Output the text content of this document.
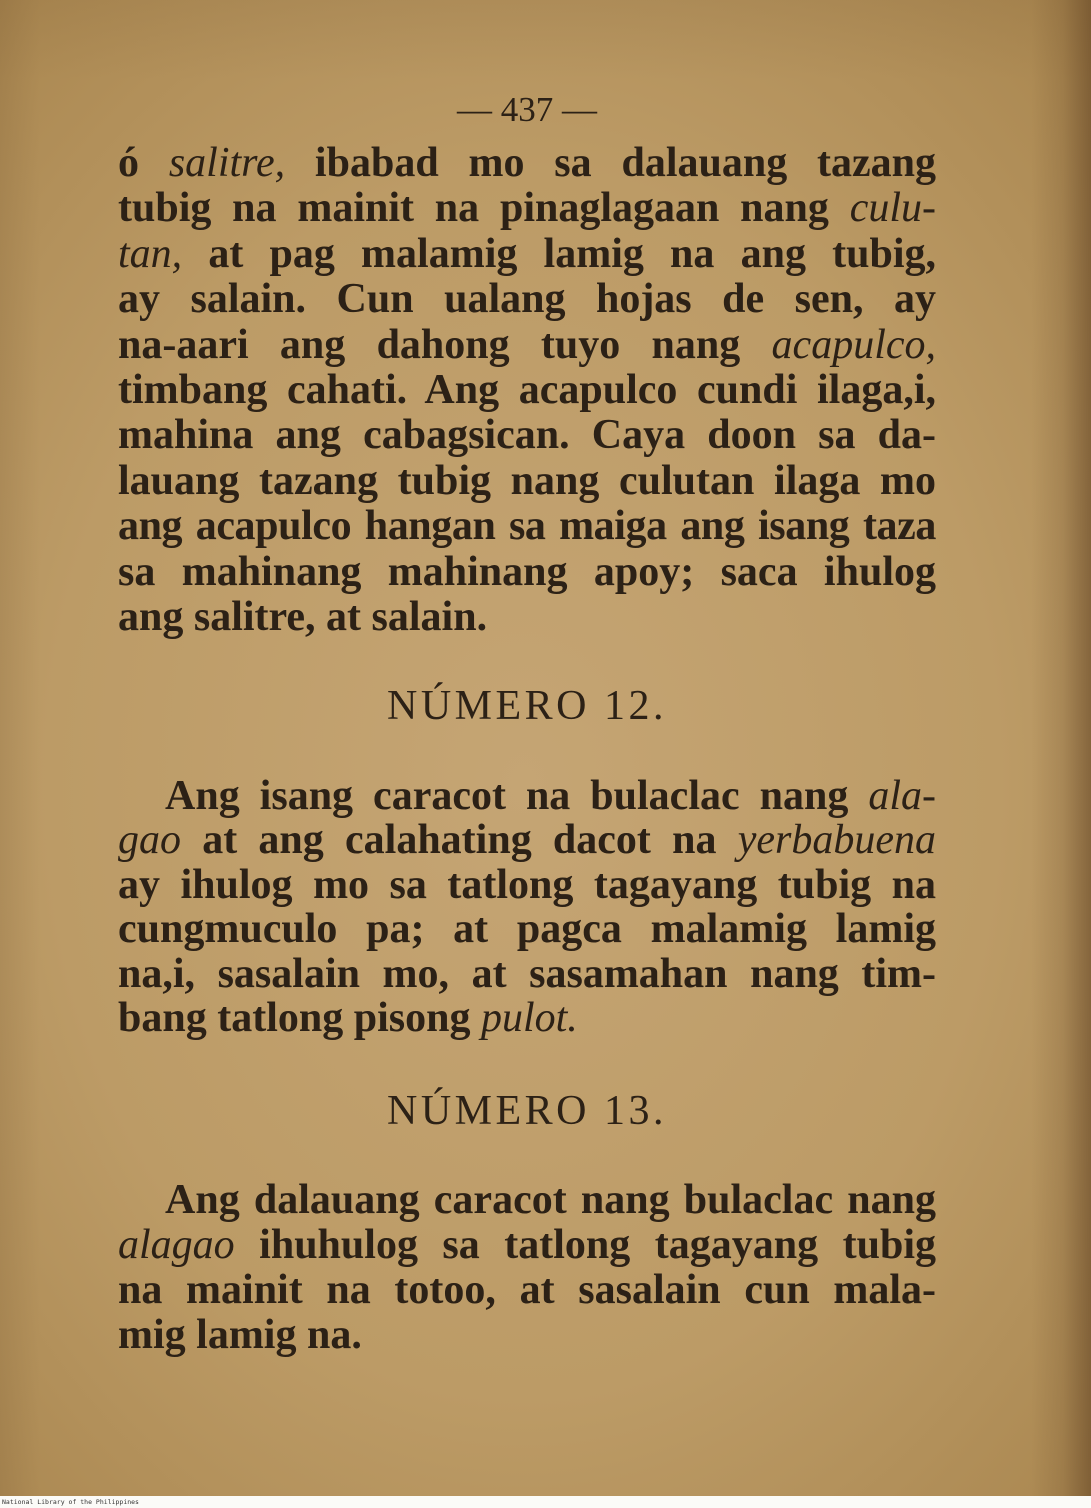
— 437 —
ó salitre, ibabad mo sa dalauang tazang
tubig na mainit na pinaglagaan nang culu-
tan, at pag malamig lamig na ang tubig,
ay salain. Cun ualang hojas de sen, ay
na-aari ang dahong tuyo nang acapulco,
timbang cahati. Ang acapulco cundi ilaga,i,
mahina ang cabagsican. Caya doon sa da-
lauang tazang tubig nang culutan ilaga mo
ang acapulco hangan sa maiga ang isang taza
sa mahinang mahinang apoy; saca ihulog
ang salitre, at salain.
NÚMERO 12.
Ang isang caracot na bulaclac nang ala-
gao at ang calahating dacot na yerbabuena
ay ihulog mo sa tatlong tagayang tubig na
cungmuculo pa; at pagca malamig lamig
na,i, sasalain mo, at sasamahan nang tim-
bang tatlong pisong pulot.
NÚMERO 13.
Ang dalauang caracot nang bulaclac nang
alagao ihuhulog sa tatlong tagayang tubig
na mainit na totoo, at sasalain cun mala-
mig lamig na.
National Library of the Philippines
